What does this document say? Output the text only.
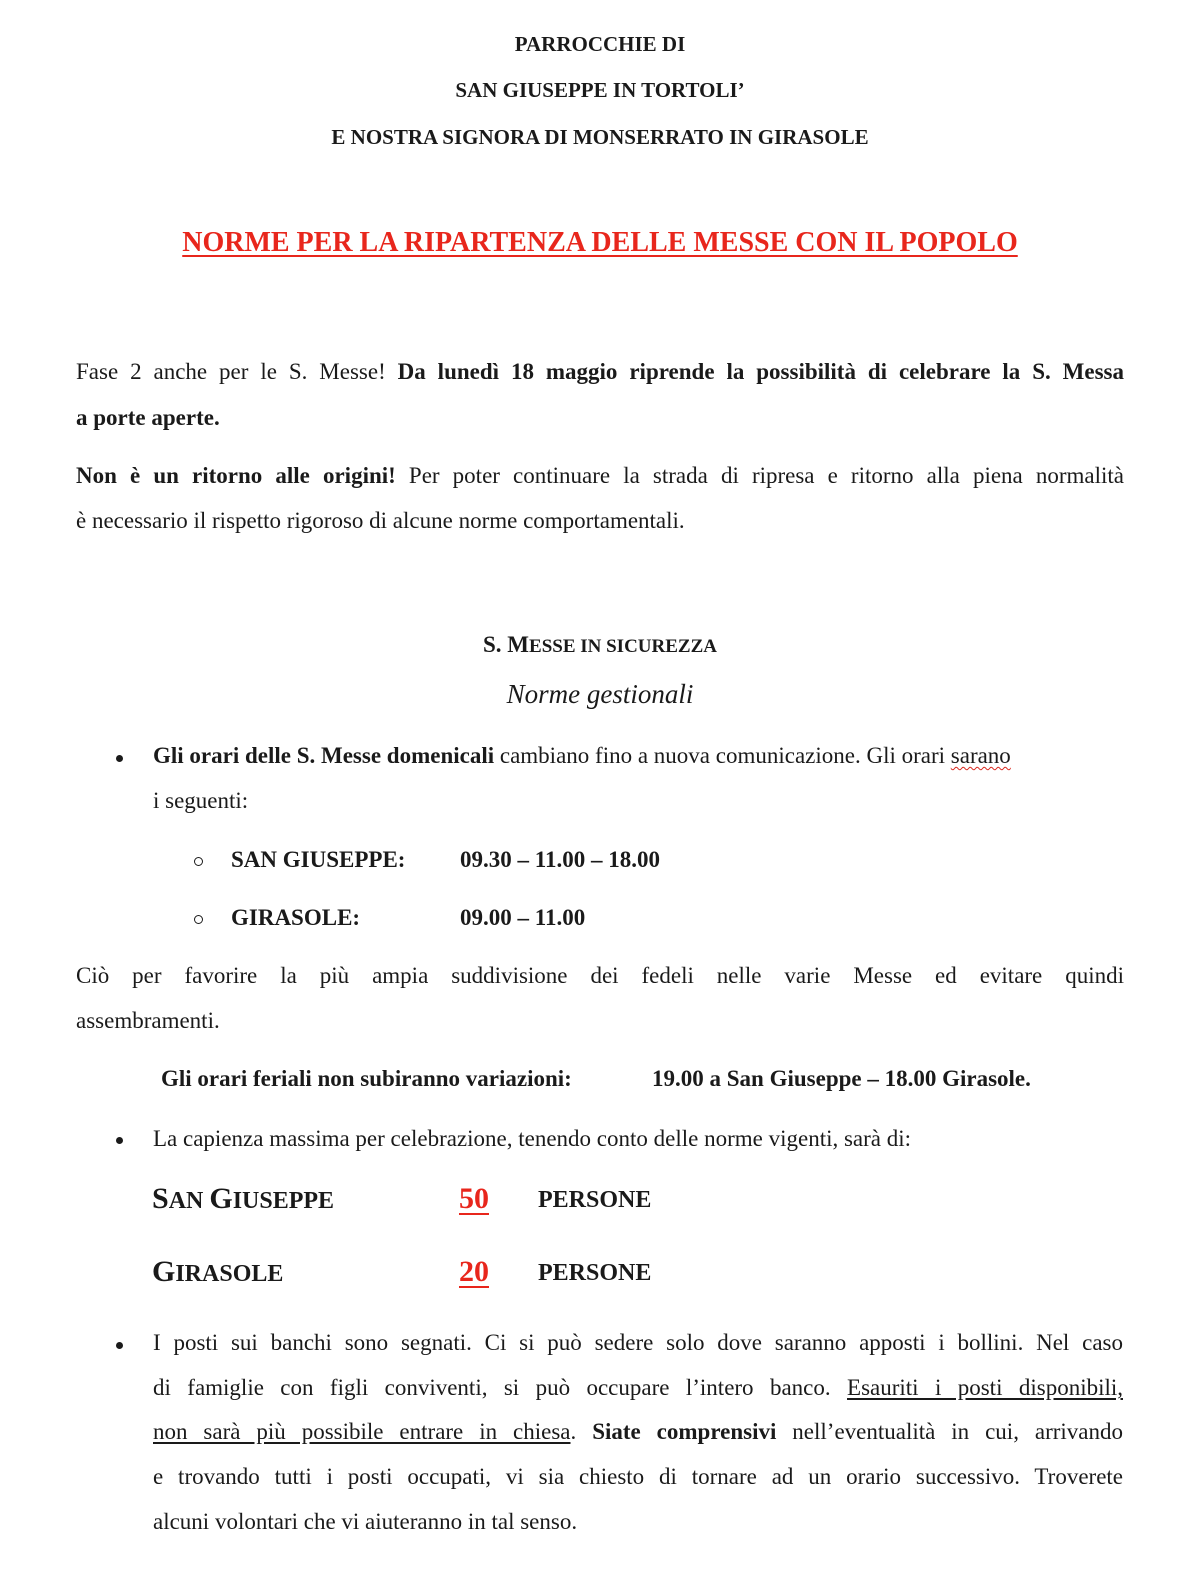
PARROCCHIE DI

SAN GIUSEPPE IN TORTOLI’

E NOSTRA SIGNORA DI MONSERRATO IN GIRASOLE

NORME PER LA RIPARTENZA DELLE MESSE CON IL POPOLO

Fase 2 anche per le S. Messe! Da lunedì 18 maggio riprende la possibilità di celebrare la S. Messa
a porte aperte.
Non è un ritorno alle origini! Per poter continuare la strada di ripresa e ritorno alla piena normalità
è necessario il rispetto rigoroso di alcune norme comportamentali.

S. MESSE IN SICUREZZA

Norme gestionali

Gli orari delle S. Messe domenicali cambiano fino a nuova comunicazione. Gli orari sarano
i seguenti:
SAN GIUSEPPE: 09.30 – 11.00 – 18.00
GIRASOLE:	09.00 – 11.00
Ciò per favorire la più ampia suddivisione dei fedeli nelle varie Messe ed evitare quindi
assembramenti.
Gli orari feriali non subiranno variazioni:	19.00 a San Giuseppe – 18.00 Girasole.
La capienza massima per celebrazione, tenendo conto delle norme vigenti, sarà di:
SAN GIUSEPPE	50 PERSONE
GIRASOLE	20 PERSONE
I posti sui banchi sono segnati. Ci si può sedere solo dove saranno apposti i bollini. Nel caso
di famiglie con figli conviventi, si può occupare l’intero banco. Esauriti i posti disponibili,
non sarà più possibile entrare in chiesa. Siate comprensivi nell’eventualità in cui, arrivando
e trovando tutti i posti occupati, vi sia chiesto di tornare ad un orario successivo. Troverete
alcuni volontari che vi aiuteranno in tal senso.
